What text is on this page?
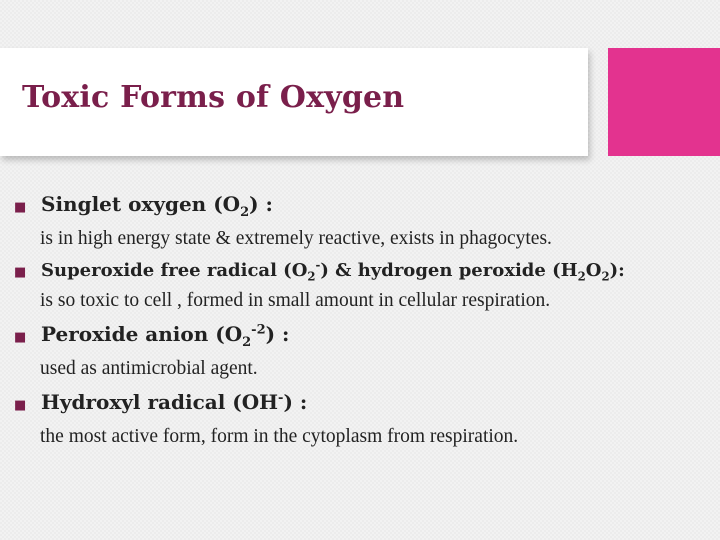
Toxic Forms of Oxygen
■ Singlet oxygen $(O_2)$ :
is in high energy state & extremely reactive, exists in phagocytes.
■ Superoxide free radical $(O_2^-)$ & hydrogen peroxide $(H_2O_2)$:
is so toxic to cell , formed in small amount in cellular respiration.
■ Peroxide anion $(O_2^{-2})$ :
used as antimicrobial agent.
■ Hydroxyl radical (OH-) :
the most active form, form in the cytoplasm from respiration.
